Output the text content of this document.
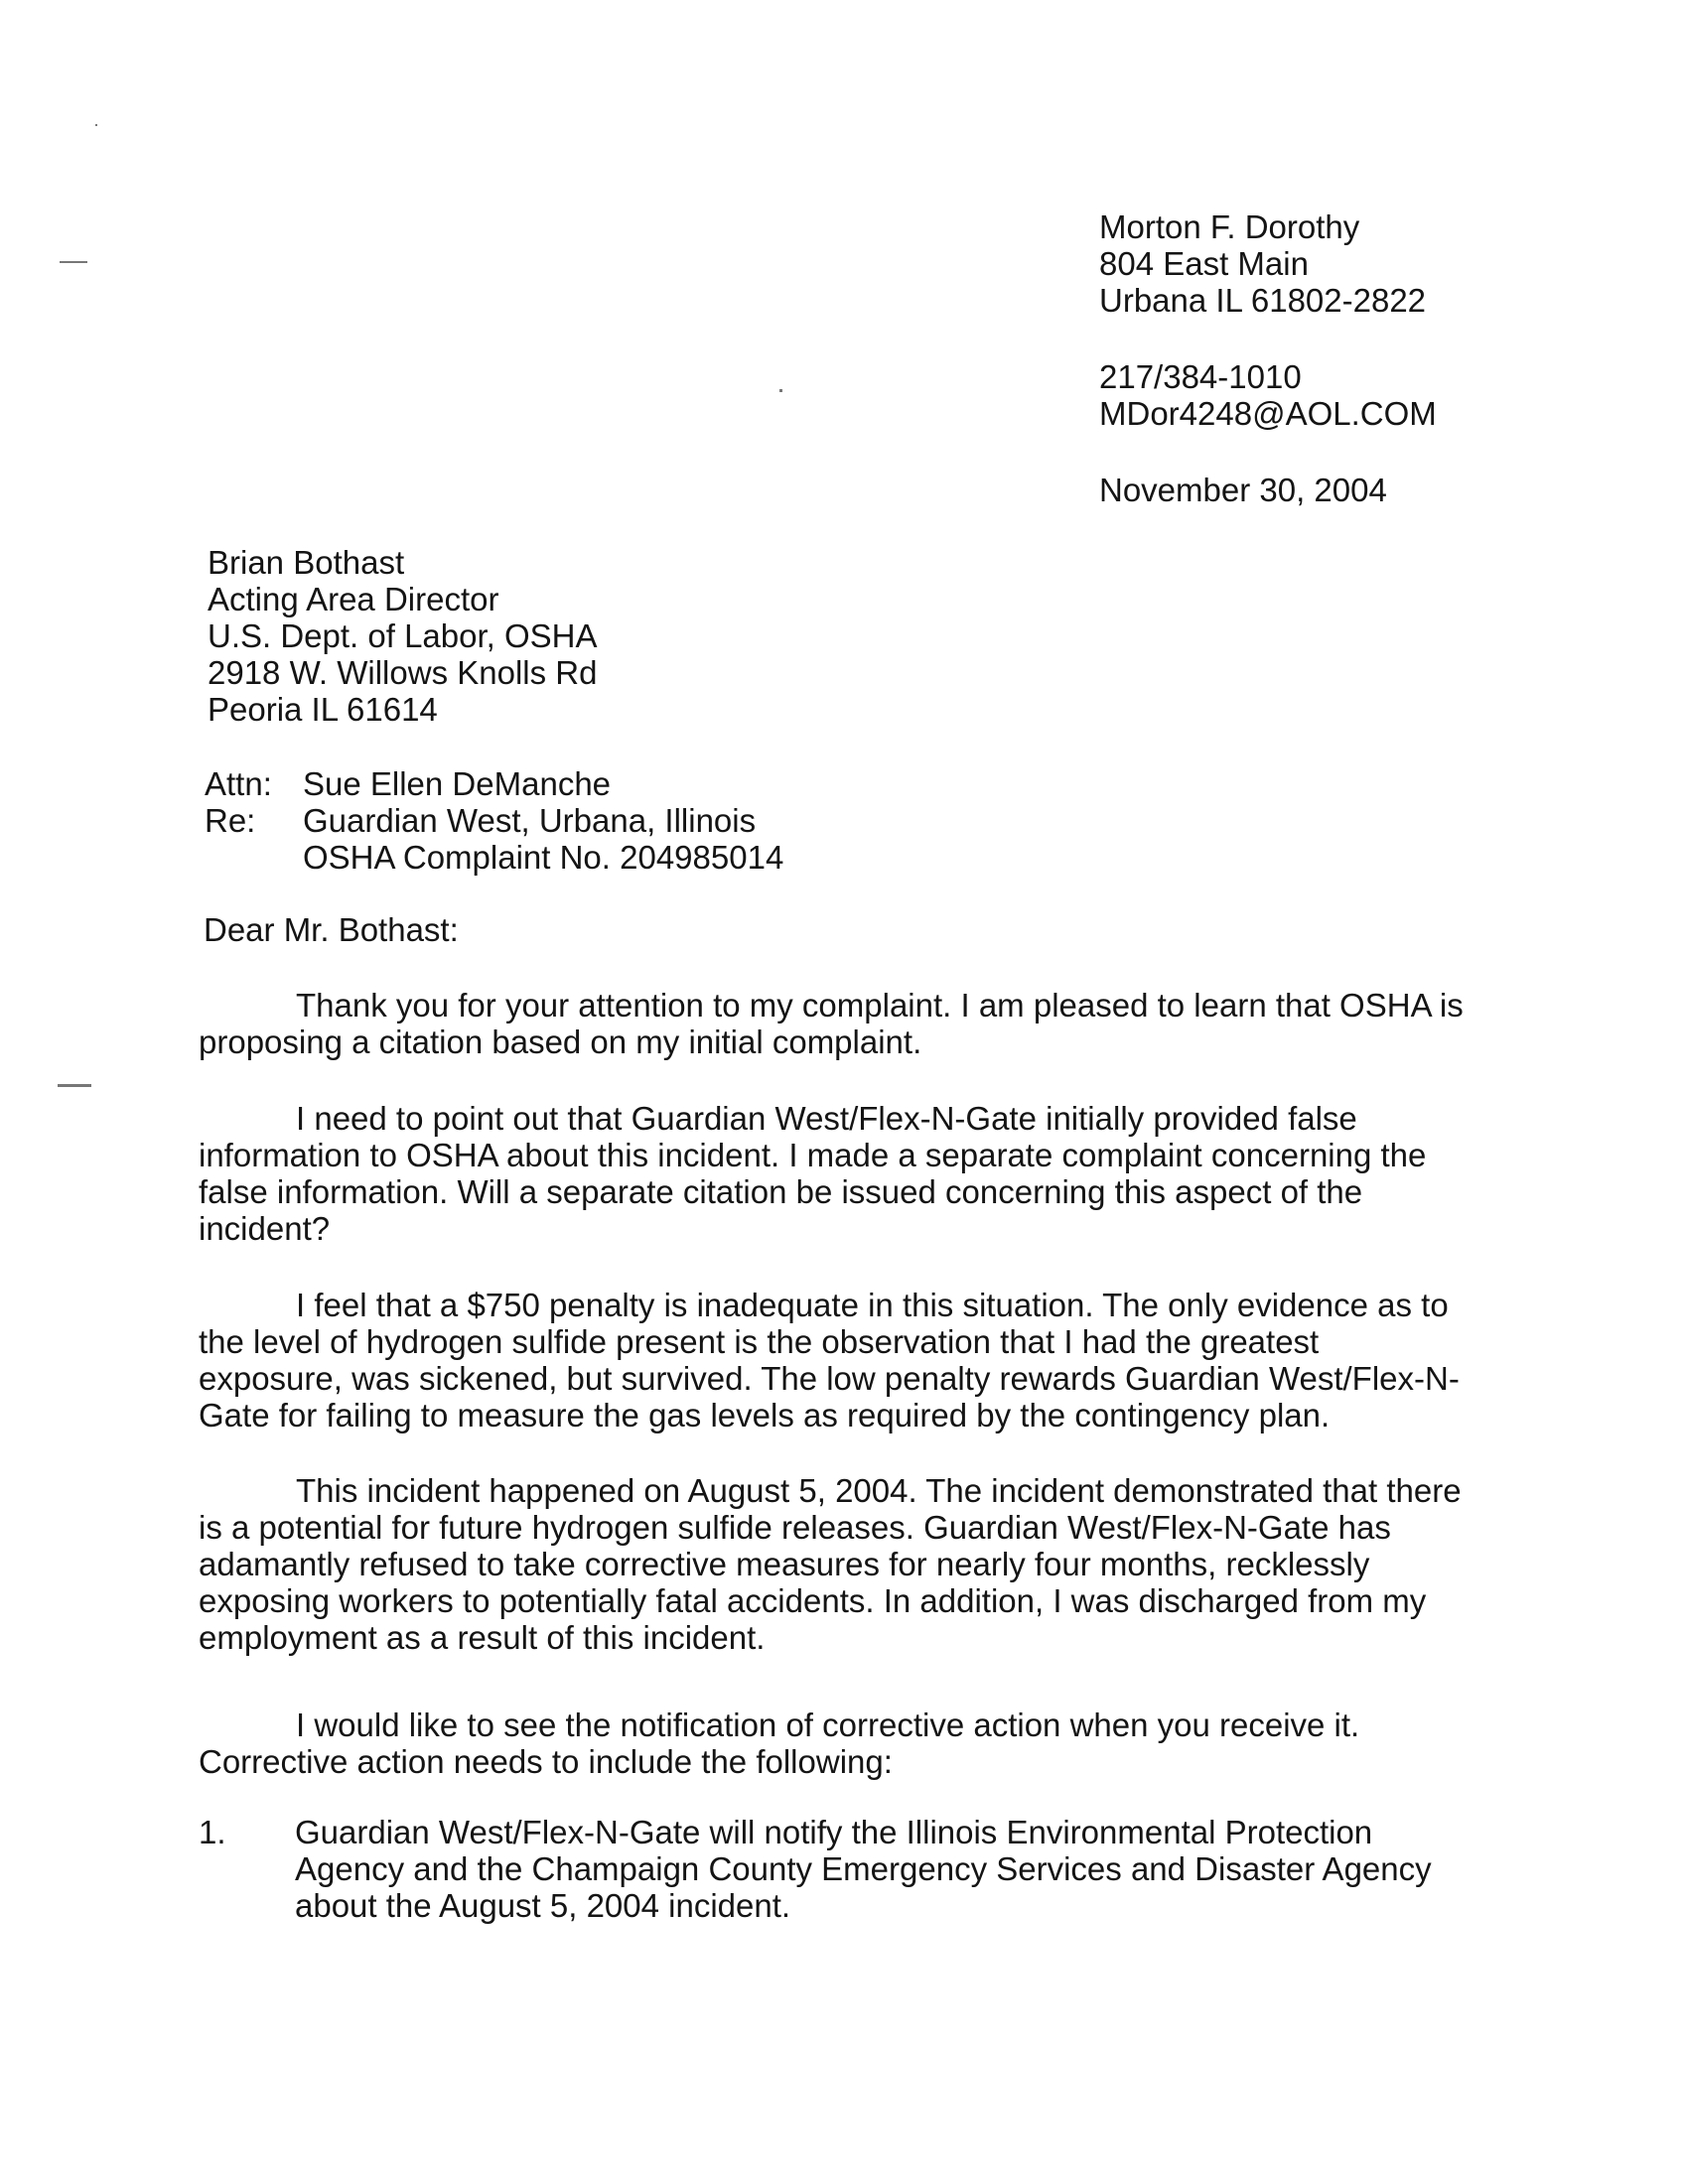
Morton F. Dorothy
804 East Main
Urbana IL 61802-2822
217/384-1010
MDor4248@AOL.COM
November 30, 2004
Brian Bothast
Acting Area Director
U.S. Dept. of Labor, OSHA
2918 W. Willows Knolls Rd
Peoria IL 61614
Attn: Sue Ellen DeManche
Re: Guardian West, Urbana, Illinois
OSHA Complaint No. 204985014
Dear Mr. Bothast:
Thank you for your attention to my complaint. I am pleased to learn that OSHA is
proposing a citation based on my initial complaint.
I need to point out that Guardian West/Flex-N-Gate initially provided false
information to OSHA about this incident. I made a separate complaint concerning the
false information. Will a separate citation be issued concerning this aspect of the
incident?
I feel that a $750 penalty is inadequate in this situation. The only evidence as to
the level of hydrogen sulfide present is the observation that I had the greatest
exposure, was sickened, but survived. The low penalty rewards Guardian West/Flex-N-
Gate for failing to measure the gas levels as required by the contingency plan.
This incident happened on August 5, 2004. The incident demonstrated that there
is a potential for future hydrogen sulfide releases. Guardian West/Flex-N-Gate has
adamantly refused to take corrective measures for nearly four months, recklessly
exposing workers to potentially fatal accidents. In addition, I was discharged from my
employment as a result of this incident.
I would like to see the notification of corrective action when you receive it.
Corrective action needs to include the following:
1. Guardian West/Flex-N-Gate will notify the Illinois Environmental Protection
Agency and the Champaign County Emergency Services and Disaster Agency
about the August 5, 2004 incident.
